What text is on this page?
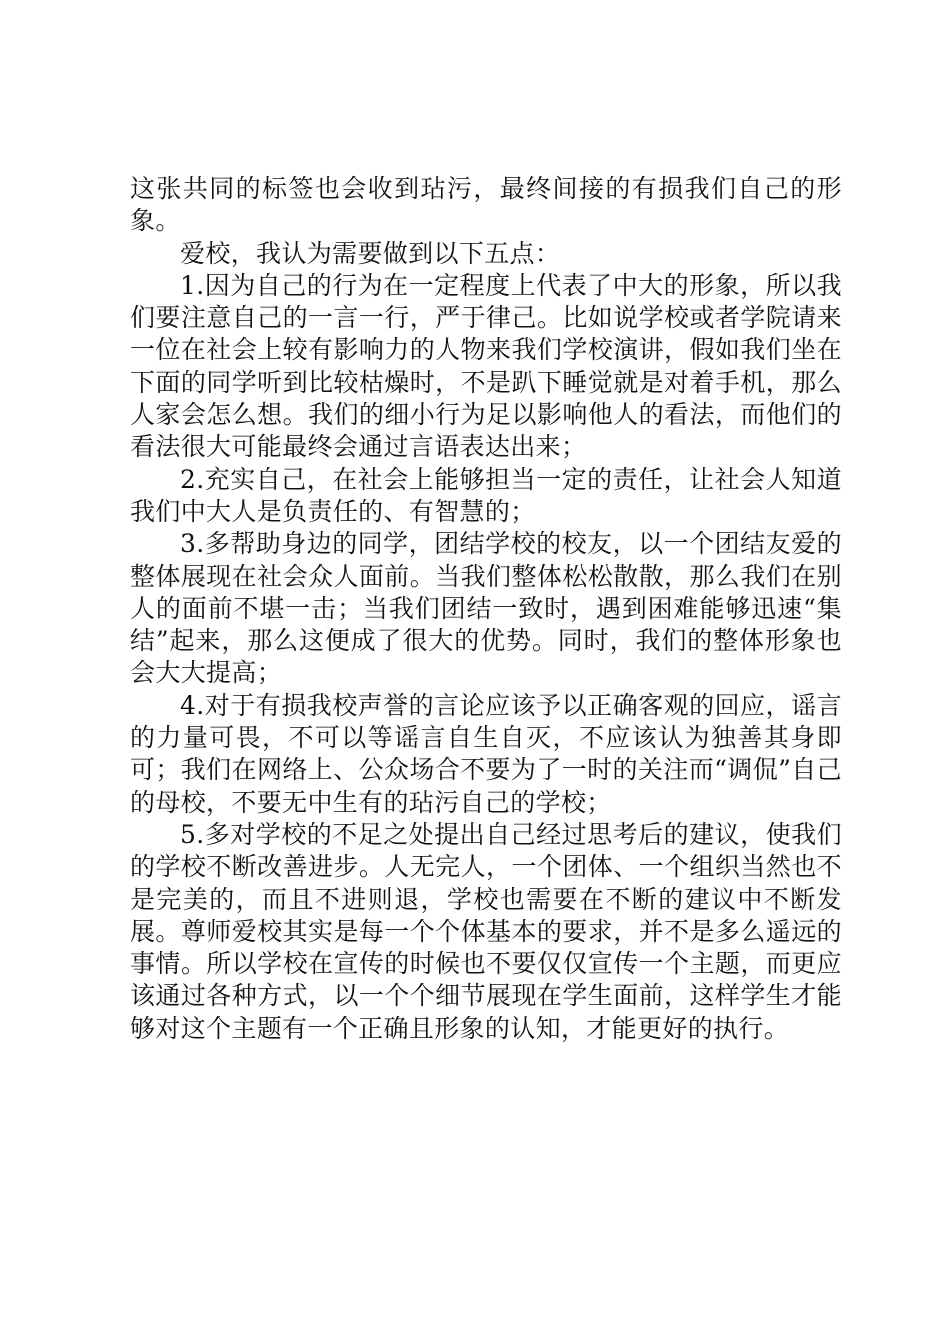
这张共同的标签也会收到玷污，最终间接的有损我们自己的形象。

爱校，我认为需要做到以下五点：

1.因为自己的行为在一定程度上代表了中大的形象，所以我们要注意自己的一言一行，严于律己。比如说学校或者学院请来一位在社会上较有影响力的人物来我们学校演讲，假如我们坐在下面的同学听到比较枯燥时，不是趴下睡觉就是对着手机，那么人家会怎么想。我们的细小行为足以影响他人的看法，而他们的看法很大可能最终会通过言语表达出来；

2.充实自己，在社会上能够担当一定的责任，让社会人知道我们中大人是负责任的、有智慧的；

3.多帮助身边的同学，团结学校的校友，以一个团结友爱的整体展现在社会众人面前。当我们整体松松散散，那么我们在别人的面前不堪一击；当我们团结一致时，遇到困难能够迅速“集结”起来，那么这便成了很大的优势。同时，我们的整体形象也会大大提高；

4.对于有损我校声誉的言论应该予以正确客观的回应，谣言的力量可畏，不可以等谣言自生自灭，不应该认为独善其身即可；我们在网络上、公众场合不要为了一时的关注而“调侃”自己的母校，不要无中生有的玷污自己的学校；

5.多对学校的不足之处提出自己经过思考后的建议，使我们的学校不断改善进步。人无完人，一个团体、一个组织当然也不是完美的，而且不进则退，学校也需要在不断的建议中不断发展。尊师爱校其实是每一个个体基本的要求，并不是多么遥远的事情。所以学校在宣传的时候也不要仅仅宣传一个主题，而更应该通过各种方式，以一个个细节展现在学生面前，这样学生才能够对这个主题有一个正确且形象的认知，才能更好的执行。
